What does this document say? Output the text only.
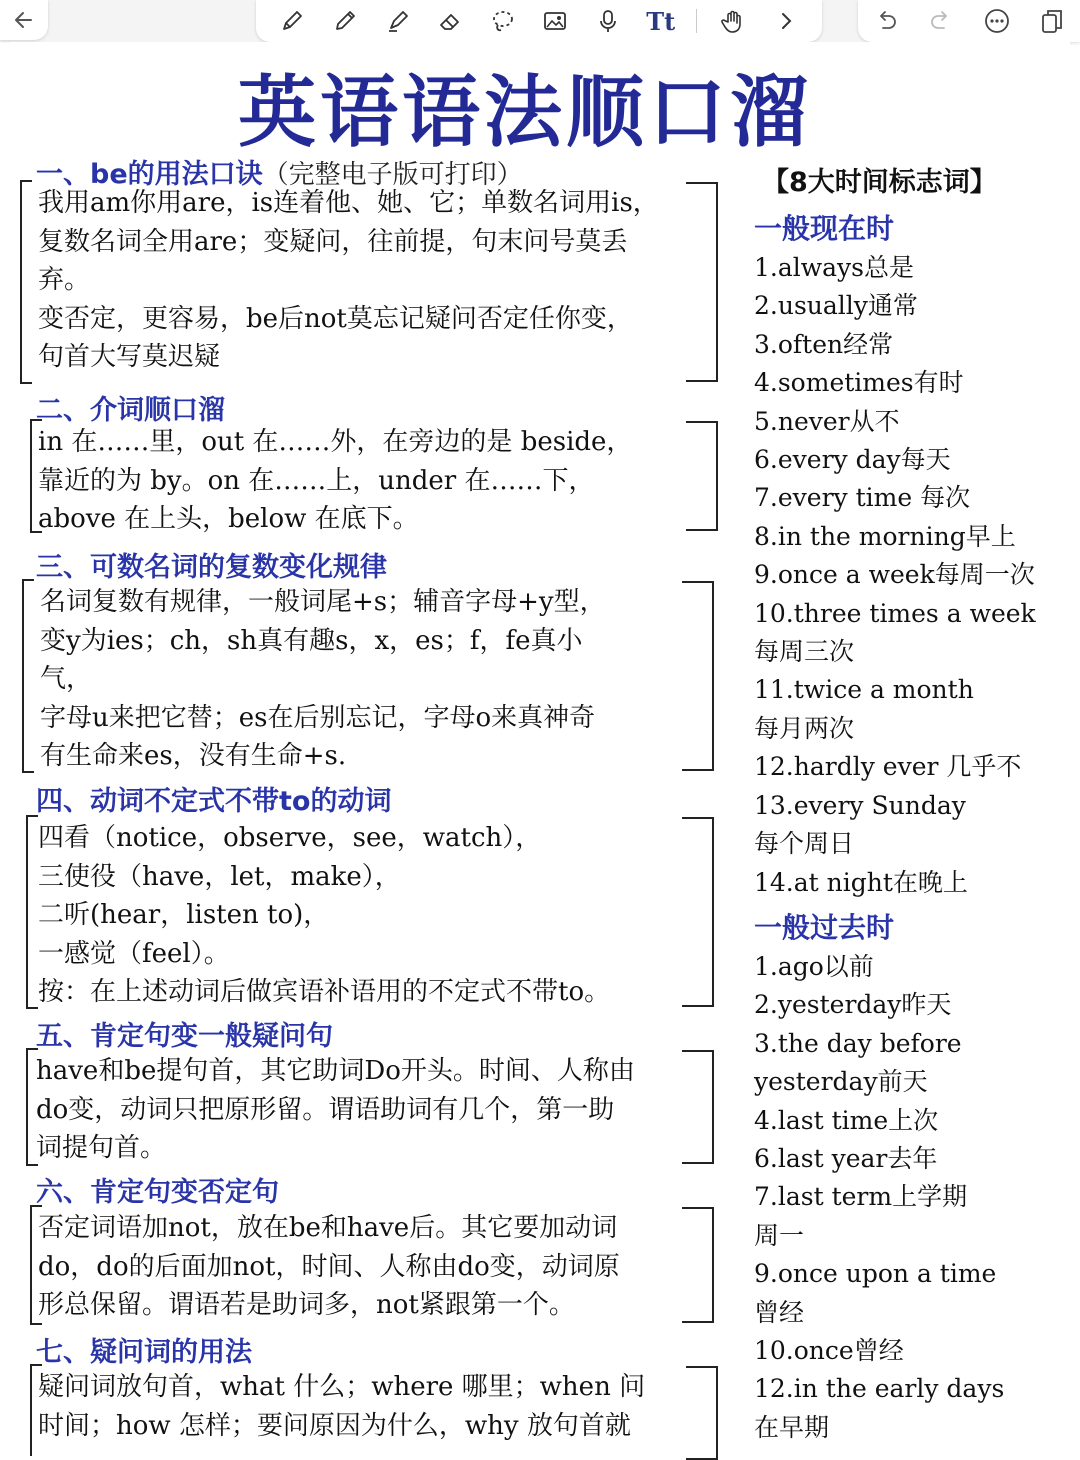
Tt
英语语法顺口溜
一、be的用法口诀（完整电子版可打印）

我用am你用are，is连着他、她、它；单数名词用is，

复数名词全用are；变疑问，往前提，句末问号莫丢

弃。

变否定，更容易，be后not莫忘记疑问否定任你变，

句首大写莫迟疑

二、介词顺口溜

in 在……里，out 在……外，在旁边的是 beside，

靠近的为 by。on 在……上，under 在……下，

above 在上头，below 在底下。

三、可数名词的复数变化规律

名词复数有规律，一般词尾+s；辅音字母+y型，

变y为ies；ch，sh真有趣s，x，es；f，fe真小

气，

字母u来把它替；es在后别忘记，字母o来真神奇

有生命来es，没有生命+s.

四、动词不定式不带to的动词

四看（notice，observe，see，watch），

三使役（have，let，make），

二听(hear，listen to)，

一感觉（feel）。

按：在上述动词后做宾语补语用的不定式不带to。

五、肯定句变一般疑问句

have和be提句首，其它助词Do开头。时间、人称由

do变，动词只把原形留。谓语助词有几个，第一助

词提句首。

六、肯定句变否定句

否定词语加not，放在be和have后。其它要加动词

do，do的后面加not，时间、人称由do变，动词原

形总保留。谓语若是助词多，not紧跟第一个。

七、疑问词的用法

疑问词放句首，what 什么；where 哪里；when 问

时间；how 怎样；要问原因为什么，why 放句首就

【8大时间标志词】
一般现在时

1.always总是

2.usually通常

3.often经常

4.sometimes有时

5.never从不

6.every day每天

7.every time 每次

8.in the morning早上

9.once a week每周一次

10.three times a week

每周三次

11.twice a month

每月两次

12.hardly ever 几乎不

13.every Sunday

每个周日

14.at night在晚上

一般过去时

1.ago以前

2.yesterday昨天

3.the day before

yesterday前天

4.last time上次

6.last year去年

7.last term上学期

周一

9.once upon a time

曾经

10.once曾经

12.in the early days

在早期
